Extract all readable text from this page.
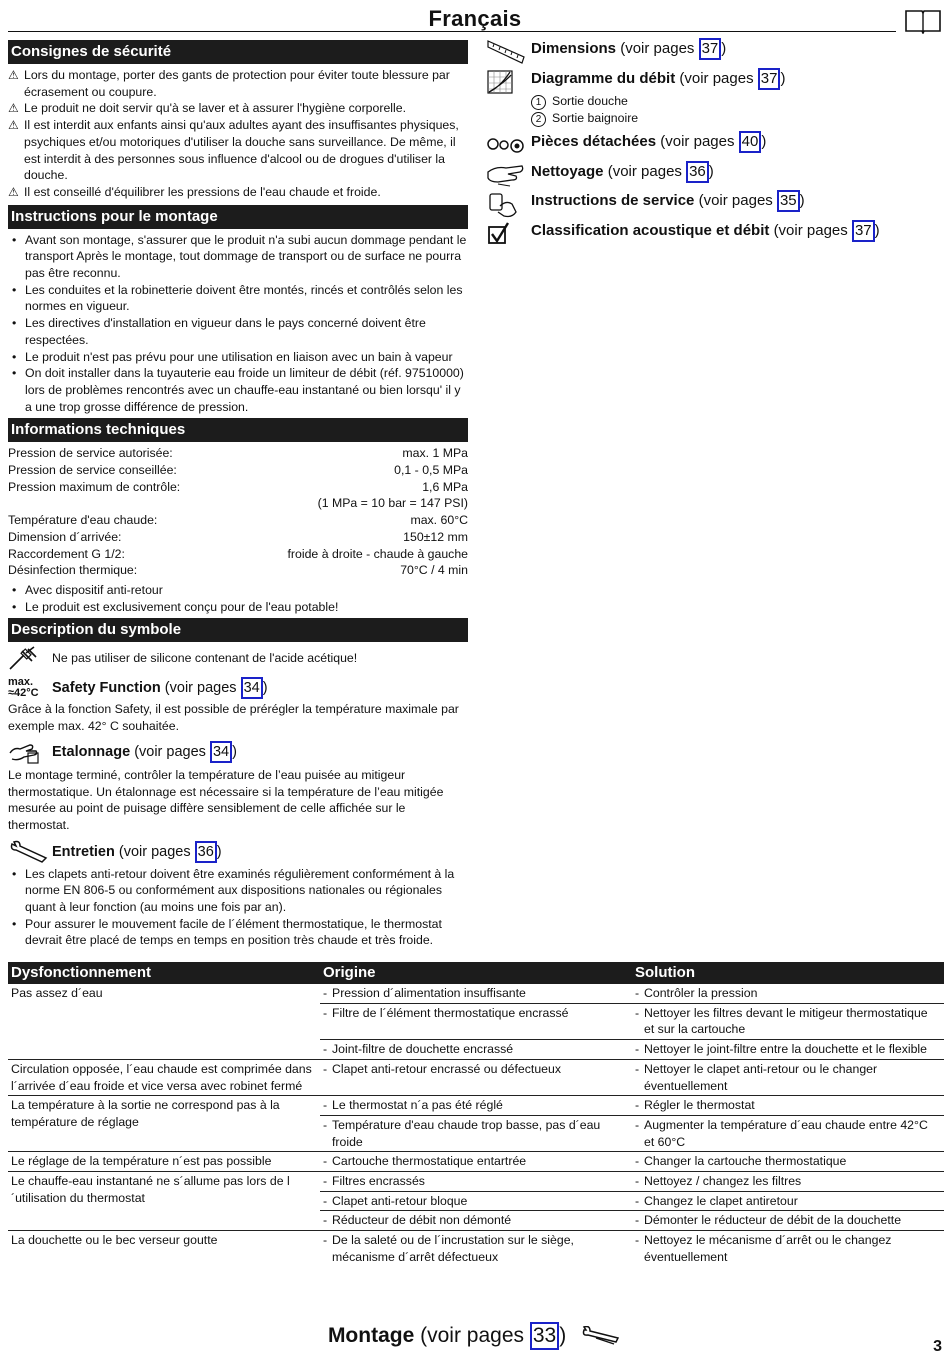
Français
Consignes de sécurité
⚠ Lors du montage, porter des gants de protection pour éviter toute blessure par écrasement ou coupure.
⚠ Le produit ne doit servir qu'à se laver et à assurer l'hygiène corporelle.
⚠ Il est interdit aux enfants ainsi qu'aux adultes ayant des insuffisantes physiques, psychiques et/ou motoriques d'utiliser la douche sans surveillance. De même, il est interdit à des personnes sous influence d'alcool ou de drogues d'utiliser la douche.
⚠ Il est conseillé d'équilibrer les pressions de l'eau chaude et froide.
Instructions pour le montage
• Avant son montage, s'assurer que le produit n'a subi aucun dommage pendant le transport Après le montage, tout dommage de transport ou de surface ne pourra pas être reconnu.
• Les conduites et la robinetterie doivent être montés, rincés et contrôlés selon les normes en vigueur.
• Les directives d'installation en vigueur dans le pays concerné doivent être respectées.
• Le produit n'est pas prévu pour une utilisation en liaison avec un bain à vapeur
• On doit installer dans la tuyauterie eau froide un limiteur de débit (réf. 97510000) lors de problèmes rencontrés avec un chauffe-eau instantané ou bien lorsqu' il y a une trop grosse différence de pression.
Informations techniques
Pression de service autorisée:	max. 1 MPa
Pression de service conseillée:	0,1 - 0,5 MPa
Pression maximum de contrôle:	1,6 MPa
(1 MPa = 10 bar = 147 PSI)
Température d'eau chaude:	max. 60°C
Dimension d´arrivée:	150±12 mm
Raccordement G 1/2:	froide à droite - chaude à gauche
Désinfection thermique:	70°C / 4 min
• Avec dispositif anti-retour
• Le produit est exclusivement conçu pour de l'eau potable!
Description du symbole
Ne pas utiliser de silicone contenant de l'acide acétique!
max.
≈42°C Safety Function (voir pages 34 )
Grâce à la fonction Safety, il est possible de prérégler la température maximale par exemple max. 42° C souhaitée.
Etalonnage (voir pages 34 )
Le montage terminé, contrôler la température de l’eau puisée au mitigeur thermostatique. Un étalonnage est nécessaire si la température de l’eau mitigée mesurée au point de puisage diffère sensiblement de celle affichée sur le thermostat.
Entretien (voir pages 36 )
• Les clapets anti-retour doivent être examinés régulièrement conformément à la norme EN 806-5 ou conformément aux dispositions nationales ou régionales quant à leur fonction (au moins une fois par an).
• Pour assurer le mouvement facile de l´élément thermostatique, le thermostat devrait être placé de temps en temps en position très chaude et très froide.
Dimensions (voir pages 37 )
Diagramme du débit (voir pages 37 )
1 Sortie douche
2 Sortie baignoire
Pièces détachées (voir pages 40 )
Nettoyage (voir pages 36 )
Instructions de service (voir pages 35 )
Classification acoustique et débit (voir pages 37 )
Dysfonctionnement	Origine	Solution
Pas assez d´eau	- Pression d´alimentation insuffisante	- Contrôler la pression

	- Filtre de l´élément thermostatique encrassé	- Nettoyer les filtres devant le mitigeur thermostatique et sur la cartouche

	- Joint-filtre de douchette encrassé	- Nettoyer le joint-filtre entre la douchette et le flexible

Circulation opposée, l´eau chaude est comprimée dans l´arrivée d´eau froide et vice versa avec robinet fermé	- Clapet anti-retour encrassé ou défectueux	- Nettoyer le clapet anti-retour ou le changer éventuellement

La température à la sortie ne correspond pas à la température de réglage	- Le thermostat n´a pas été réglé	- Régler le thermostat

	- Température d'eau chaude trop basse, pas d´eau froide	- Augmenter la température d´eau chaude entre 42°C et 60°C

Le réglage de la température n´est pas possible	- Cartouche thermostatique entartrée	- Changer la cartouche thermostatique

Le chauffe-eau instantané ne s´allume pas lors de l´utilisation du thermostat	- Filtres encrassés	- Nettoyez / changez les filtres

	- Clapet anti-retour bloque	- Changez le clapet antiretour

	- Réducteur de débit non démonté	- Démonter le réducteur de débit de la douchette

La douchette ou le bec verseur goutte	- De la saleté ou de l´incrustation sur le siège, mécanisme d´arrêt défectueux	- Nettoyez le mécanisme d´arrêt ou le changez éventuellement
Montage (voir pages 33 )	3
